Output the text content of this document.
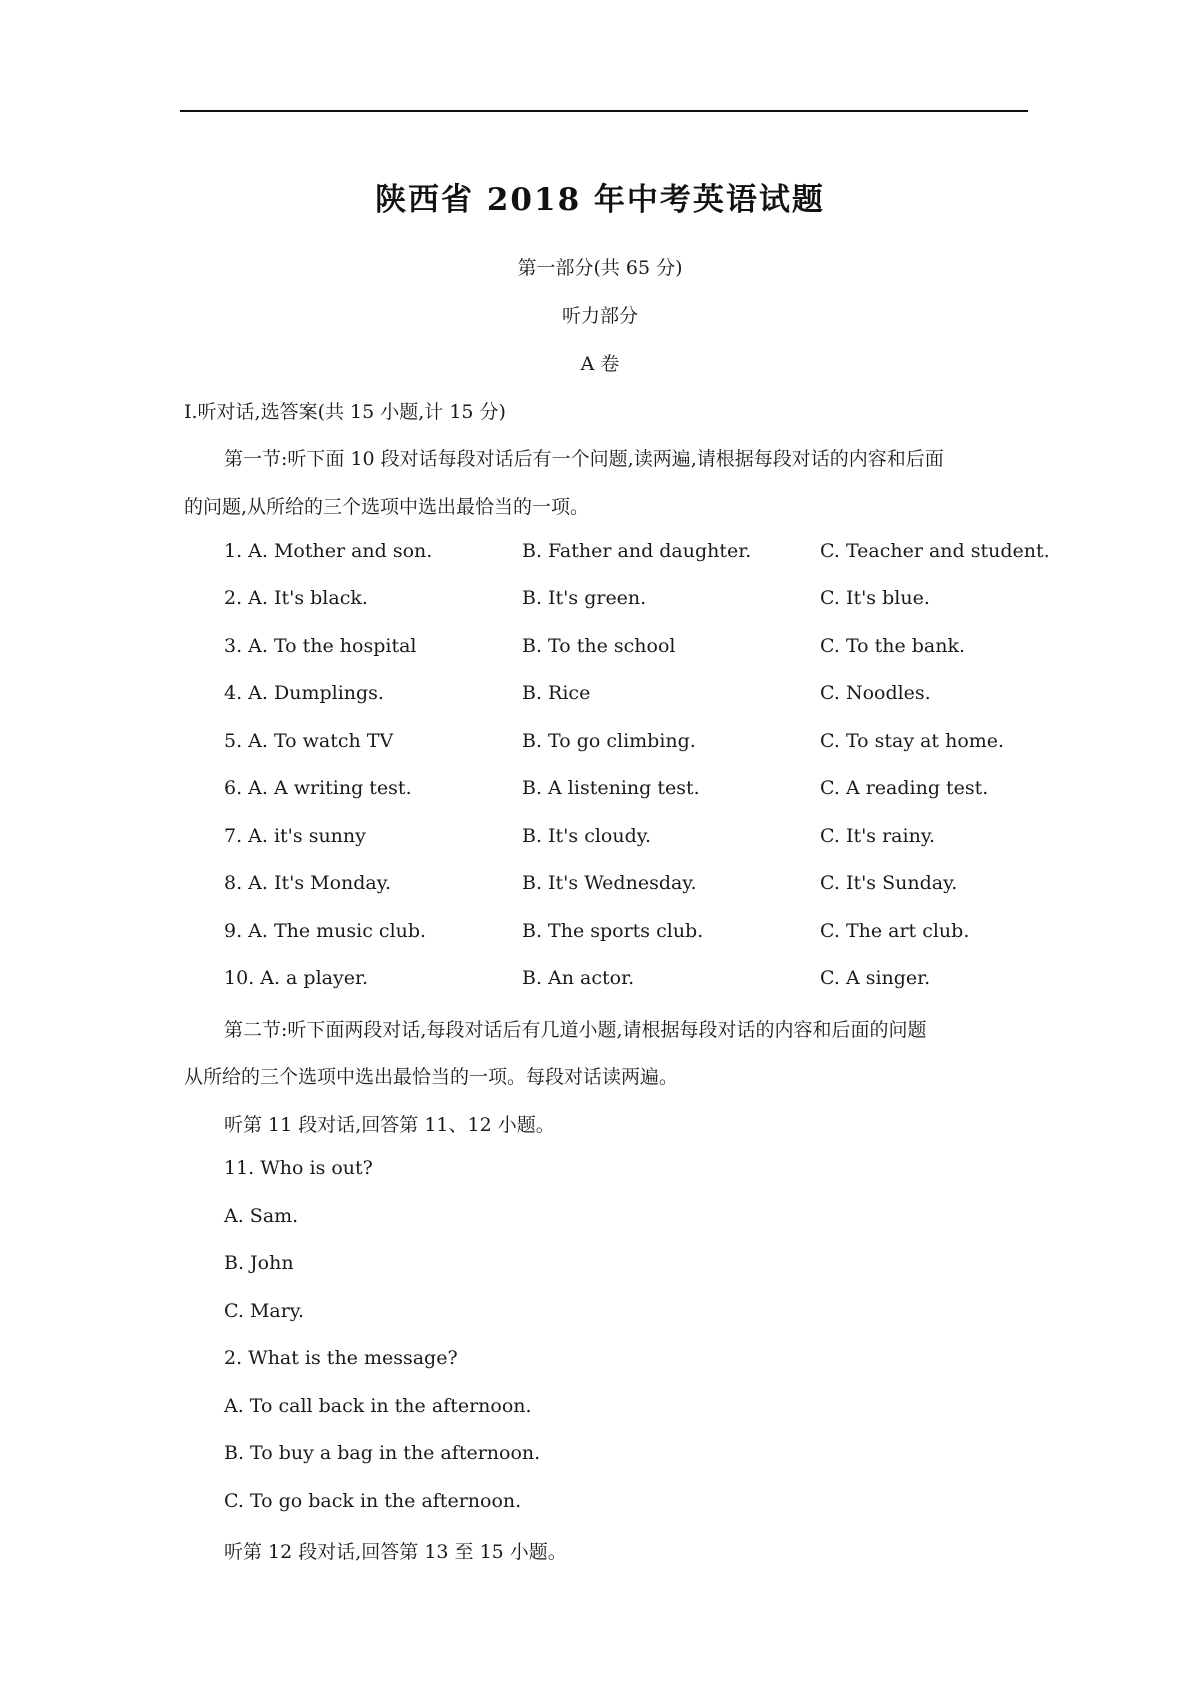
陕西省 2018 年中考英语试题
第一部分(共 65 分)
听力部分
A 卷
I.听对话,选答案(共 15 小题,计 15 分)
第一节:听下面 10 段对话每段对话后有一个问题,读两遍,请根据每段对话的内容和后面
的问题,从所给的三个选项中选出最恰当的一项。
1. A. Mother and son.	B. Father and daughter.	C. Teacher and student.
2. A. It's black.	B. It's green.	C. It's blue.
3. A. To the hospital	B. To the school	C. To the bank.
4. A. Dumplings.	B. Rice	C. Noodles.
5. A. To watch TV	B. To go climbing.	C. To stay at home.
6. A. A writing test.	B. A listening test.	C. A reading test.
7. A. it's sunny	B. It's cloudy.	C. It's rainy.
8. A. It's Monday.	B. It's Wednesday.	C. It's Sunday.
9. A. The music club.	B. The sports club.	C. The art club.
10. A. a player.	B. An actor.	C. A singer.
第二节:听下面两段对话,每段对话后有几道小题,请根据每段对话的内容和后面的问题
从所给的三个选项中选出最恰当的一项。每段对话读两遍。
听第 11 段对话,回答第 11、12 小题。
11. Who is out?
A. Sam.
B. John
C. Mary.
2. What is the message?
A. To call back in the afternoon.
B. To buy a bag in the afternoon.
C. To go back in the afternoon.
听第 12 段对话,回答第 13 至 15 小题。
